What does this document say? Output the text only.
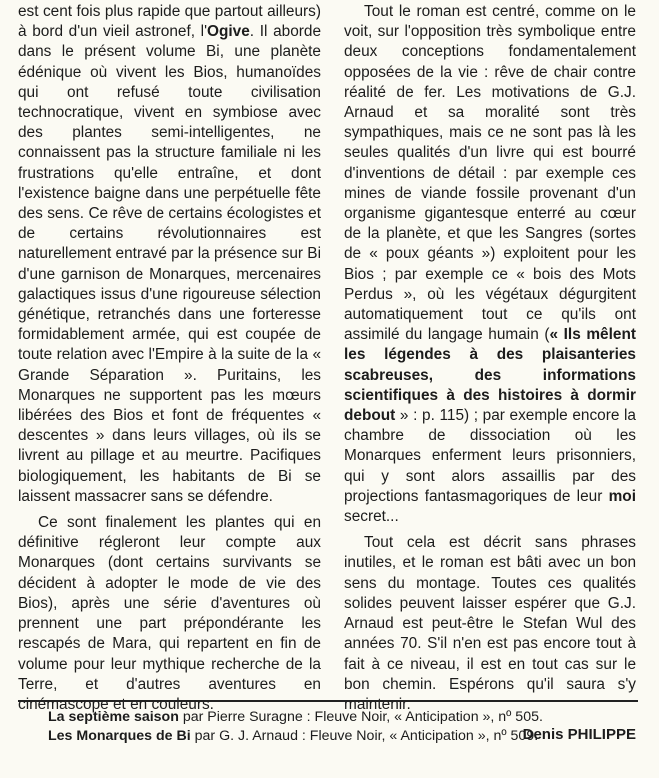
est cent fois plus rapide que partout ailleurs) à bord d'un vieil astronef, l'Ogive. Il aborde dans le présent volume Bi, une planète édénique où vivent les Bios, humanoïdes qui ont refusé toute civilisation technocratique, vivent en symbiose avec des plantes semi-intelligentes, ne connaissent pas la structure familiale ni les frustrations qu'elle entraîne, et dont l'existence baigne dans une perpétuelle fête des sens. Ce rêve de certains écologistes et de certains révolutionnaires est naturellement entravé par la présence sur Bi d'une garnison de Monarques, mercenaires galactiques issus d'une rigoureuse sélection génétique, retranchés dans une forteresse formidablement armée, qui est coupée de toute relation avec l'Empire à la suite de la « Grande Séparation ». Puritains, les Monarques ne supportent pas les mœurs libérées des Bios et font de fréquentes « descentes » dans leurs villages, où ils se livrent au pillage et au meurtre. Pacifiques biologiquement, les habitants de Bi se laissent massacrer sans se défendre.

Ce sont finalement les plantes qui en définitive régleront leur compte aux Monarques (dont certains survivants se décident à adopter le mode de vie des Bios), après une série d'aventures où prennent une part prépondérante les rescapés de Mara, qui repartent en fin de volume pour leur mythique recherche de la Terre, et d'autres aventures en cinémascope et en couleurs.

Tout le roman est centré, comme on le voit, sur l'opposition très symbolique entre deux conceptions fondamentalement opposées de la vie : rêve de chair contre réalité de fer. Les motivations de G.J. Arnaud et sa moralité sont très sympathiques, mais ce ne sont pas là les seules qualités d'un livre qui est bourré d'inventions de détail : par exemple ces mines de viande fossile provenant d'un organisme gigantesque enterré au cœur de la planète, et que les Sangres (sortes de « poux géants ») exploitent pour les Bios ; par exemple ce « bois des Mots Perdus », où les végétaux dégurgitent automatiquement tout ce qu'ils ont assimilé du langage humain (« Ils mêlent les légendes à des plaisanteries scabreuses, des informations scientifiques à des histoires à dormir debout » : p. 115) ; par exemple encore la chambre de dissociation où les Monarques enferment leurs prisonniers, qui y sont alors assaillis par des projections fantasmagoriques de leur moi secret...

Tout cela est décrit sans phrases inutiles, et le roman est bâti avec un bon sens du montage. Toutes ces qualités solides peuvent laisser espérer que G.J. Arnaud est peut-être le Stefan Wul des années 70. S'il n'en est pas encore tout à fait à ce niveau, il est en tout cas sur le bon chemin. Espérons qu'il saura s'y maintenir.

Denis PHILIPPE
La septième saison par Pierre Suragne : Fleuve Noir, « Anticipation », nº 505.
Les Monarques de Bi par G. J. Arnaud : Fleuve Noir, « Anticipation », nº 509.
